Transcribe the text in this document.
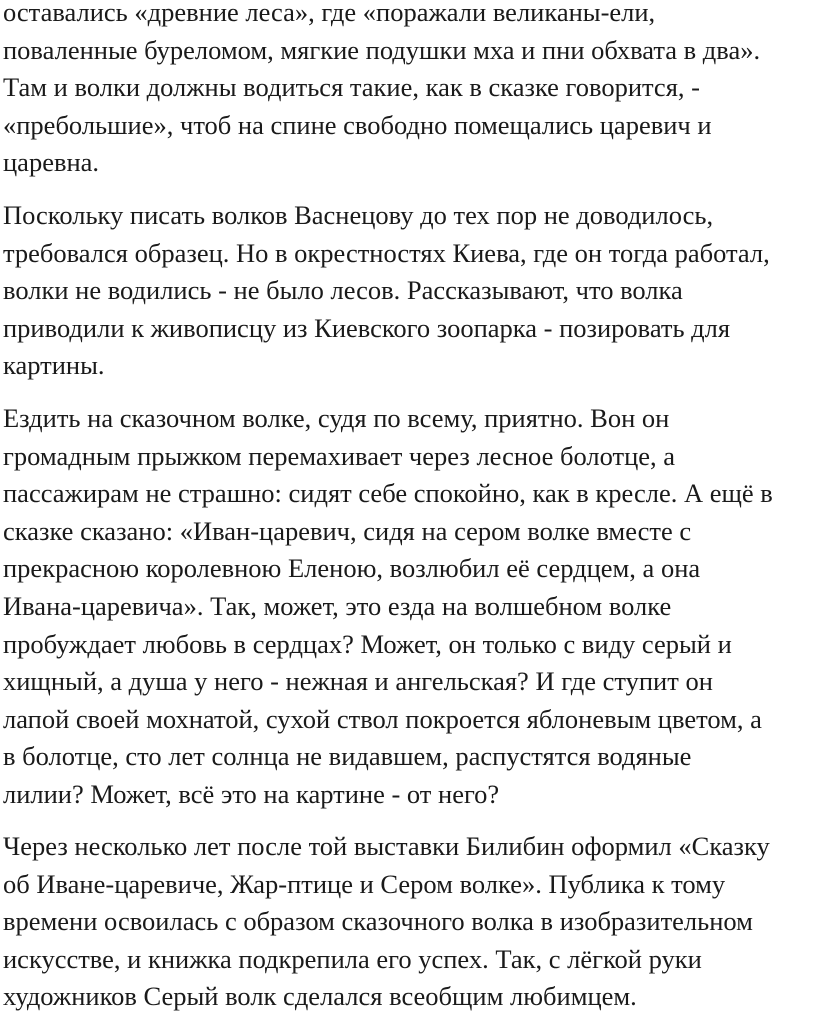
оставались «древние леса», где «поражали великаны-ели,
поваленные буреломом, мягкие подушки мха и пни обхвата в два».
Там и волки должны водиться такие, как в сказке говорится, -
«пребольшие», чтоб на спине свободно помещались царевич и
царевна.
Поскольку писать волков Васнецову до тех пор не доводилось,
требовался образец. Но в окрестностях Киева, где он тогда работал,
волки не водились - не было лесов. Рассказывают, что волка
приводили к живописцу из Киевского зоопарка - позировать для
картины.
Ездить на сказочном волке, судя по всему, приятно. Вон он
громадным прыжком перемахивает через лесное болотце, а
пассажирам не страшно: сидят себе спокойно, как в кресле. А ещё в
сказке сказано: «Иван-царевич, сидя на сером волке вместе с
прекрасною королевною Еленою, возлюбил её сердцем, а она
Ивана-царевича». Так, может, это езда на волшебном волке
пробуждает любовь в сердцах? Может, он только с виду серый и
хищный, а душа у него - нежная и ангельская? И где ступит он
лапой своей мохнатой, сухой ствол покроется яблоневым цветом, а
в болотце, сто лет солнца не видавшем, распустятся водяные
лилии? Может, всё это на картине - от него?
Через несколько лет после той выставки Билибин оформил «Сказку
об Иване-царевиче, Жар-птице и Сером волке». Публика к тому
времени освоилась с образом сказочного волка в изобразительном
искусстве, и книжка подкрепила его успех. Так, с лёгкой руки
художников Серый волк сделался всеобщим любимцем.
